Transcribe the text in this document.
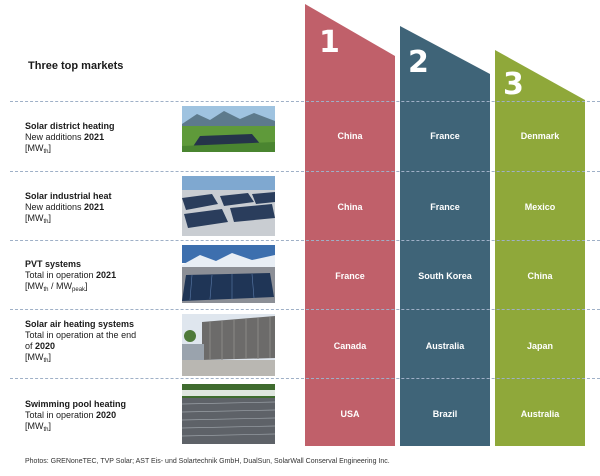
Three top markets
1
2
3
Solar district heating
New additions 2021
$[MW_{th}]$
China	France	Denmark
Solar industrial heat
New additions 2021
$[MW_{th}]$
China	France	Mexico
PVT systems
Total in operation 2021
$[MW_{th} / MW_{peak}]$
France	South Korea	China
Solar air heating systems
Total in operation at the end
of 2020
$[MW_{th}]$
Canada	Australia	Japan
Swimming pool heating
Total in operation 2020
$[MW_{th}]$
USA	Brazil	Australia
Photos: GRENoneTEC, TVP Solar; AST Eis- und Solartechnik GmbH, DualSun, SolarWall Conserval Engineering Inc.
